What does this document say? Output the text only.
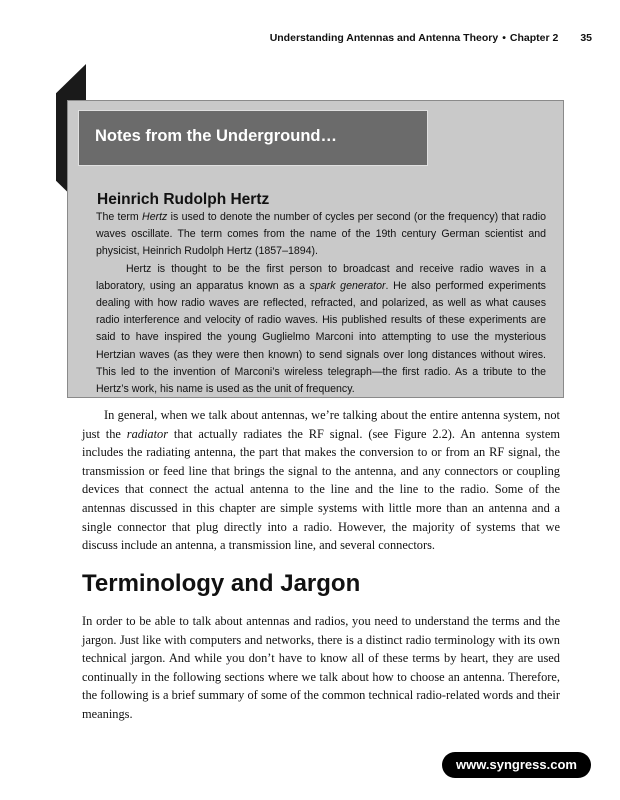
Understanding Antennas and Antenna Theory • Chapter 2 35
Notes from the Underground…
Heinrich Rudolph Hertz

The term Hertz is used to denote the number of cycles per second (or the frequency) that radio waves oscillate. The term comes from the name of the 19th century German scientist and physicist, Heinrich Rudolph Hertz (1857–1894).

Hertz is thought to be the first person to broadcast and receive radio waves in a laboratory, using an apparatus known as a spark generator. He also performed experiments dealing with how radio waves are reflected, refracted, and polarized, as well as what causes radio interference and velocity of radio waves. His published results of these experiments are said to have inspired the young Guglielmo Marconi into attempting to use the mysterious Hertzian waves (as they were then known) to send signals over long distances without wires. This led to the invention of Marconi’s wireless telegraph—the first radio. As a tribute to the Hertz’s work, his name is used as the unit of frequency.

In general, when we talk about antennas, we’re talking about the entire antenna system, not just the radiator that actually radiates the RF signal. (see Figure 2.2). An antenna system includes the radiating antenna, the part that makes the conversion to or from an RF signal, the transmission or feed line that brings the signal to the antenna, and any connectors or coupling devices that connect the actual antenna to the line and the line to the radio. Some of the antennas discussed in this chapter are simple systems with little more than an antenna and a single connector that plug directly into a radio. However, the majority of systems that we discuss include an antenna, a transmission line, and several connectors.

Terminology and Jargon

In order to be able to talk about antennas and radios, you need to understand the terms and the jargon. Just like with computers and networks, there is a distinct radio terminology with its own technical jargon. And while you don’t have to know all of these terms by heart, they are used continually in the following sections where we talk about how to choose an antenna. Therefore, the following is a brief summary of some of the common technical radio-related words and their meanings.

www.syngress.com
